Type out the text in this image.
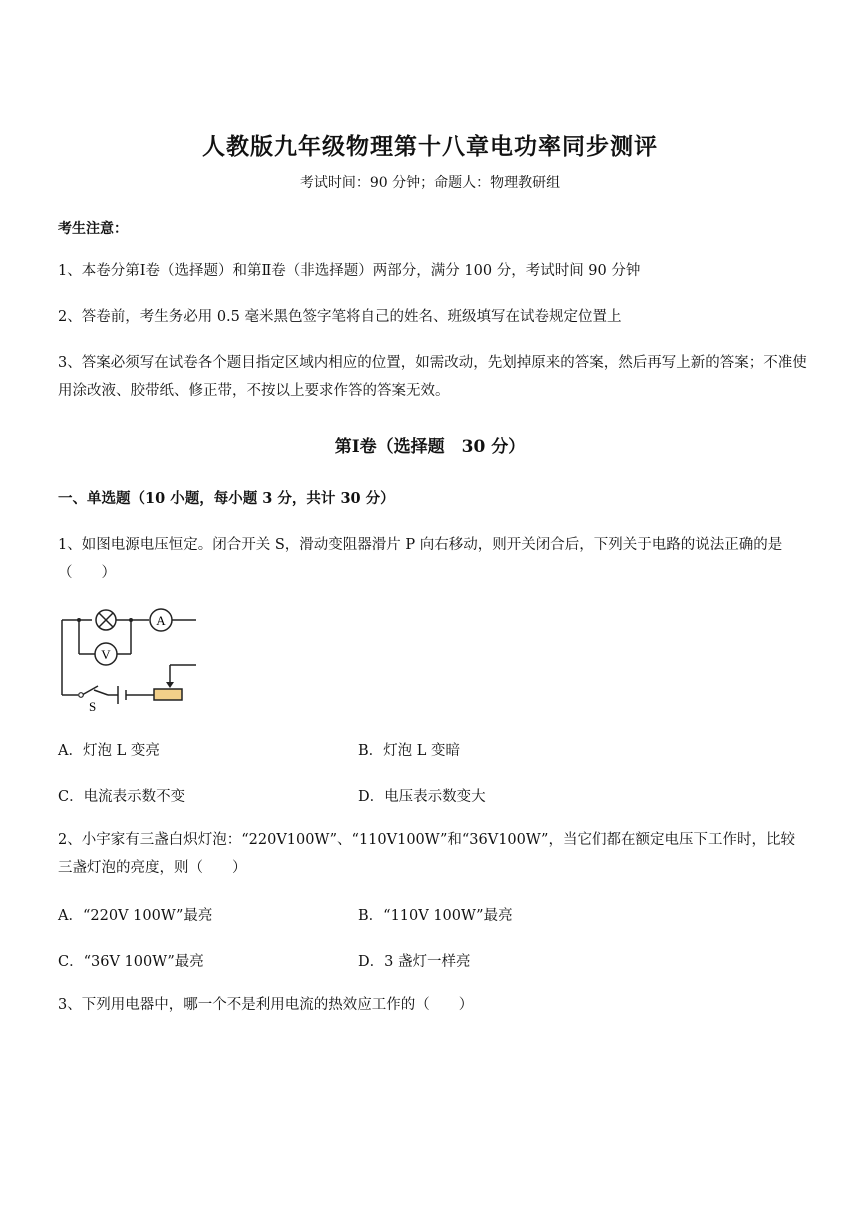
人教版九年级物理第十八章电功率同步测评
考试时间：90 分钟；命题人：物理教研组
考生注意：
1、本卷分第Ⅰ卷（选择题）和第Ⅱ卷（非选择题）两部分，满分 100 分，考试时间 90 分钟
2、答卷前，考生务必用 0.5 毫米黑色签字笔将自己的姓名、班级填写在试卷规定位置上
3、答案必须写在试卷各个题目指定区域内相应的位置，如需改动，先划掉原来的答案，然后再写上新的答案；不准使用涂改液、胶带纸、修正带，不按以上要求作答的答案无效。
第Ⅰ卷（选择题　30 分）
一、单选题（10 小题，每小题 3 分，共计 30 分）
1、如图电源电压恒定。闭合开关 S，滑动变阻器滑片 P 向右移动，则开关闭合后，下列关于电路的说法正确的是（　　）
A
V
S
A．灯泡 L 变亮	B．灯泡 L 变暗
C．电流表示数不变	D．电压表示数变大
2、小宇家有三盏白炽灯泡：“220V100W”、“110V100W”和“36V100W”，当它们都在额定电压下工作时，比较三盏灯泡的亮度，则（　　）
A．“220V 100W”最亮	B．“110V 100W”最亮
C．“36V 100W”最亮	D．3 盏灯一样亮
3、下列用电器中，哪一个不是利用电流的热效应工作的（　　）
